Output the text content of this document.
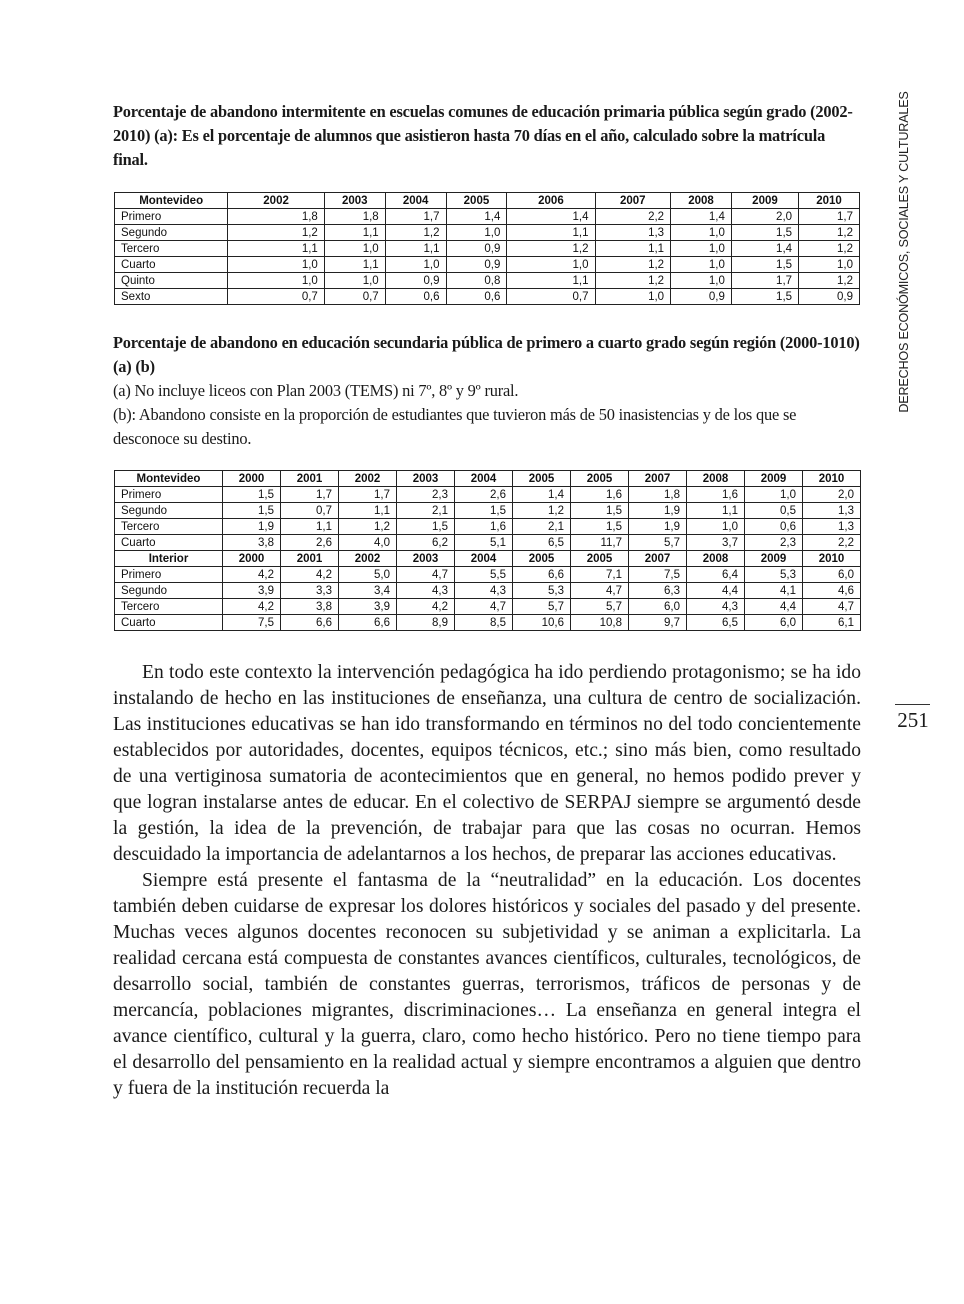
Porcentaje de abandono intermitente en escuelas comunes de educación primaria pública según grado (2002-2010) (a): Es el porcentaje de alumnos que asistieron hasta 70 días en el año, calculado sobre la matrícula final.
Montevideo	2002	2003	2004	2005	2006	2007	2008	2009	2010
Primero	1,8	1,8	1,7	1,4	1,4	2,2	1,4	2,0	1,7
Segundo	1,2	1,1	1,2	1,0	1,1	1,3	1,0	1,5	1,2
Tercero	1,1	1,0	1,1	0,9	1,2	1,1	1,0	1,4	1,2
Cuarto	1,0	1,1	1,0	0,9	1,0	1,2	1,0	1,5	1,0
Quinto	1,0	1,0	0,9	0,8	1,1	1,2	1,0	1,7	1,2
Sexto	0,7	0,7	0,6	0,6	0,7	1,0	0,9	1,5	0,9
Porcentaje de abandono en educación secundaria pública de primero a cuarto grado según región (2000-1010) (a) (b)
(a) No incluye liceos con Plan 2003 (TEMS) ni 7º, 8º y 9º rural.
(b): Abandono consiste en la proporción de estudiantes que tuvieron más de 50 inasistencias y de los que se desconoce su destino.
Montevideo	2000	2001	2002	2003	2004	2005	2005	2007	2008	2009	2010
Primero	1,5	1,7	1,7	2,3	2,6	1,4	1,6	1,8	1,6	1,0	2,0
Segundo	1,5	0,7	1,1	2,1	1,5	1,2	1,5	1,9	1,1	0,5	1,3
Tercero	1,9	1,1	1,2	1,5	1,6	2,1	1,5	1,9	1,0	0,6	1,3
Cuarto	3,8	2,6	4,0	6,2	5,1	6,5	11,7	5,7	3,7	2,3	2,2
Interior	2000	2001	2002	2003	2004	2005	2005	2007	2008	2009	2010
Primero	4,2	4,2	5,0	4,7	5,5	6,6	7,1	7,5	6,4	5,3	6,0
Segundo	3,9	3,3	3,4	4,3	4,3	5,3	4,7	6,3	4,4	4,1	4,6
Tercero	4,2	3,8	3,9	4,2	4,7	5,7	5,7	6,0	4,3	4,4	4,7
Cuarto	7,5	6,6	6,6	8,9	8,5	10,6	10,8	9,7	6,5	6,0	6,1
DERECHOS ECONÓMICOS, SOCIALES Y CULTURALES
251

En todo este contexto la intervención pedagógica ha ido perdiendo protagonismo; se ha ido instalando de hecho en las instituciones de enseñanza, una cultura de centro de socialización. Las instituciones educativas se han ido transformando en términos no del todo concientemente establecidos por autoridades, docentes, equipos técnicos, etc.; sino más bien, como resultado de una vertiginosa sumatoria de acontecimientos que en general, no hemos podido prever y que logran instalarse antes de educar. En el colectivo de SERPAJ siempre se argumentó desde la gestión, la idea de la prevención, de trabajar para que las cosas no ocurran. Hemos descuidado la importancia de adelantarnos a los hechos, de preparar las acciones educativas.

Siempre está presente el fantasma de la “neutralidad” en la educación. Los docentes también deben cuidarse de expresar los dolores históricos y sociales del pasado y del presente. Muchas veces algunos docentes reconocen su subjetividad y se animan a explicitarla. La realidad cercana está compuesta de constantes avances científicos, culturales, tecnológicos, de desarrollo social, también de constantes guerras, terrorismos, tráficos de personas y de mercancía, poblaciones migrantes, discriminaciones… La enseñanza en general integra el avance científico, cultural y la guerra, claro, como hecho histórico. Pero no tiene tiempo para el desarrollo del pensamiento en la realidad actual y siempre encontramos a alguien que dentro y fuera de la institución recuerda la
